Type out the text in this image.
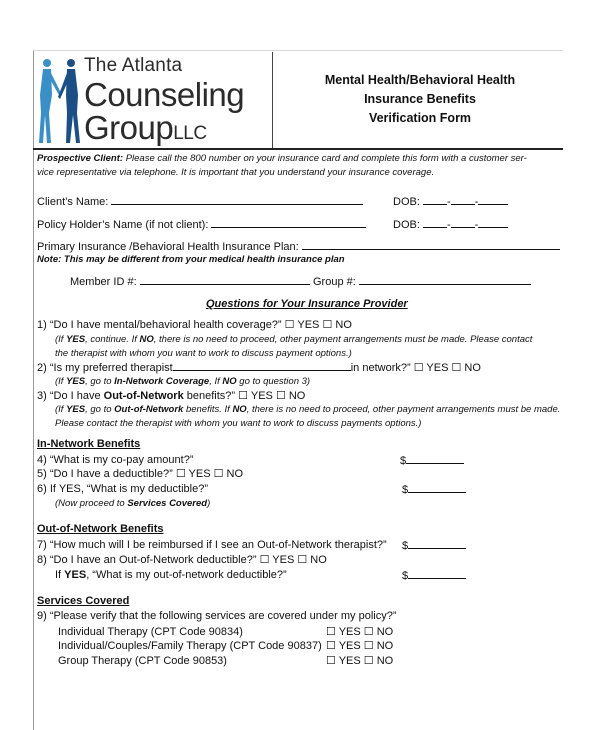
The Atlanta
Counseling
GroupLLC
Mental Health/Behavioral Health
Insurance Benefits
Verification Form
Prospective Client: Please call the 800 number on your insurance card and complete this form with a customer ser-
vice representative via telephone. It is important that you understand your insurance coverage.
Client’s Name:	DOB: - -
Policy Holder’s Name (if not client):	DOB: - -
Primary Insurance /Behavioral Health Insurance Plan:
Note: This may be different from your medical health insurance plan
Member ID #:	Group #:
Questions for Your Insurance Provider
1) “Do I have mental/behavioral health coverage?” ☐ YES ☐ NO
(If YES, continue. If NO, there is no need to proceed, other payment arrangements must be made. Please contact
the therapist with whom you want to work to discuss payment options.)
2) “Is my preferred therapist	in network?” ☐ YES ☐ NO
(If YES, go to In-Network Coverage, If NO go to question 3)
3) “Do I have Out-of-Network benefits?” ☐ YES ☐ NO
(If YES, go to Out-of-Network benefits. If NO, there is no need to proceed, other payment arrangements must be made.
Please contact the therapist with whom you want to work to discuss payments options.)
In-Network Benefits
4) “What is my co-pay amount?”	$
5) “Do I have a deductible?” ☐ YES ☐ NO
6) If YES, “What is my deductible?”	$
(Now proceed to Services Covered)
Out-of-Network Benefits
7) “How much will I be reimbursed if I see an Out-of-Network therapist?” $
8) “Do I have an Out-of-Network deductible?” ☐ YES ☐ NO
If YES, “What is my out-of-network deductible?”	$
Services Covered
9) “Please verify that the following services are covered under my policy?”
Individual Therapy (CPT Code 90834)	☐ YES ☐ NO
Individual/Couples/Family Therapy (CPT Code 90837) ☐ YES ☐ NO
Group Therapy (CPT Code 90853)	☐ YES ☐ NO
